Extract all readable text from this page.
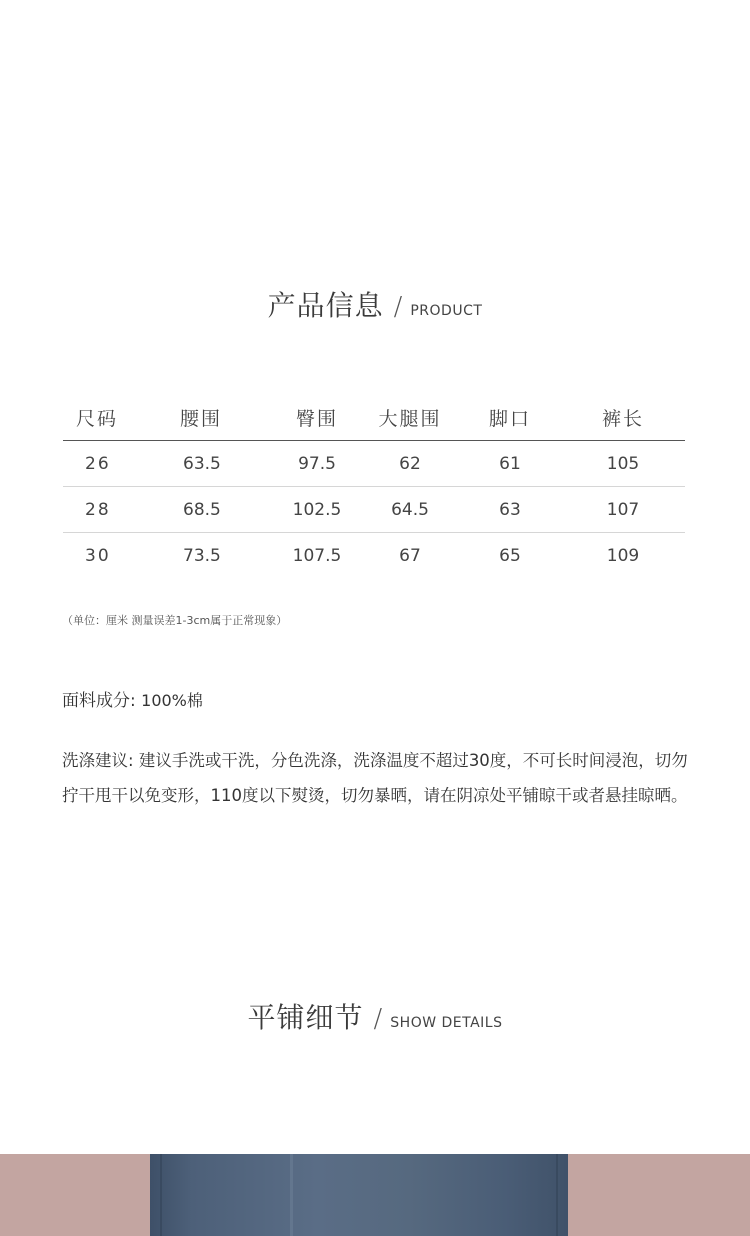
产品信息 / PRODUCT
尺码	腰围	臀围	大腿围	脚口	裤长
26	63.5	97.5	62	61	105
28	68.5	102.5	64.5	63	107
30	73.5	107.5	67	65	109
（单位：厘米 测量误差1-3cm属于正常现象）
面料成分: 100%棉
洗涤建议: 建议手洗或干洗，分色洗涤，洗涤温度不超过30度，不可长时间浸泡，切勿拧干甩干以免变形，110度以下熨烫，切勿暴晒，请在阴凉处平铺晾干或者悬挂晾晒。
平铺细节 / SHOW DETAILS
